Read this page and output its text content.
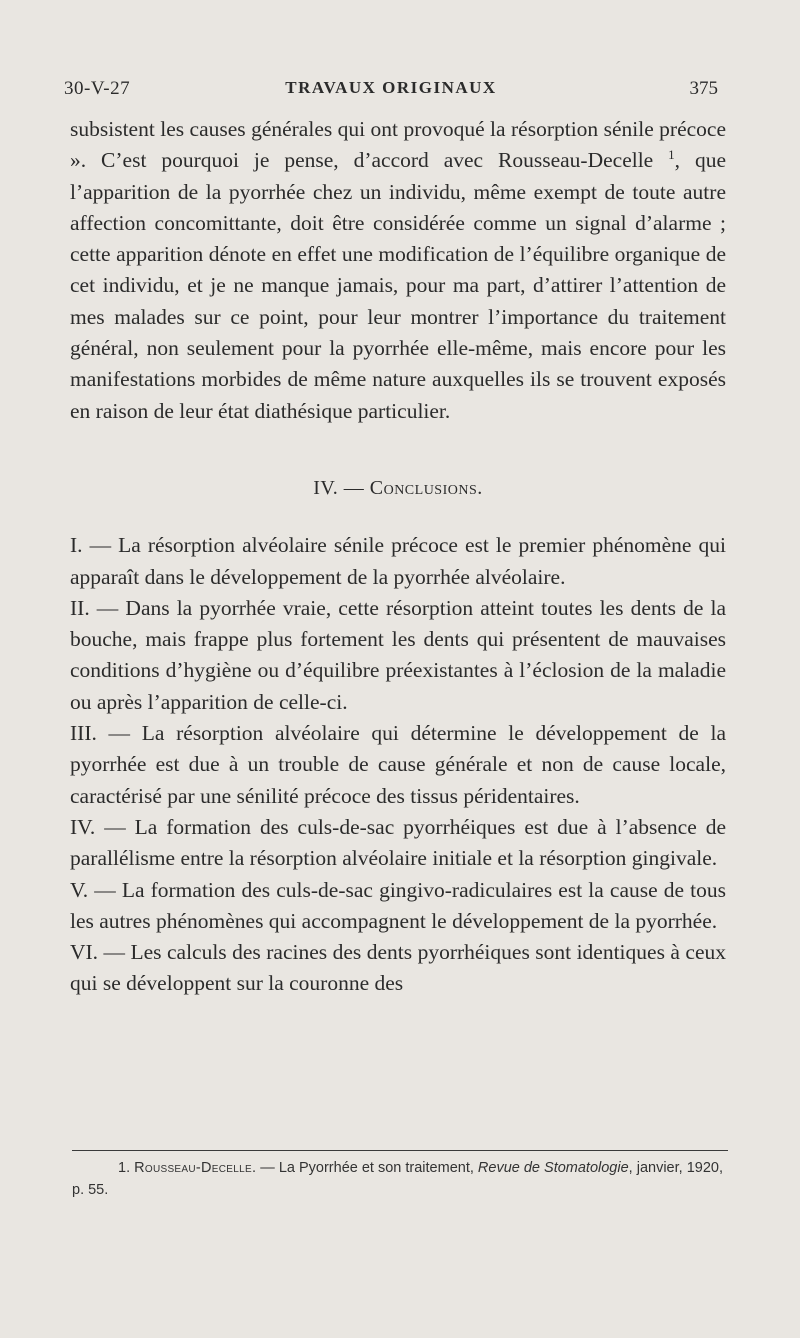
30-V-27	TRAVAUX ORIGINAUX	375

subsistent les causes générales qui ont provoqué la résorption sénile précoce ». C’est pourquoi je pense, d’accord avec Rousseau-Decelle $^1$, que l’apparition de la pyorrhée chez un individu, même exempt de toute autre affection concomittante, doit être considérée comme un signal d’alarme ; cette apparition dénote en effet une modification de l’équilibre organique de cet individu, et je ne manque jamais, pour ma part, d’attirer l’attention de mes malades sur ce point, pour leur montrer l’importance du traitement général, non seulement pour la pyorrhée elle-même, mais encore pour les manifestations morbides de même nature auxquelles ils se trouvent exposés en raison de leur état diathésique particulier.

IV. — Conclusions.

I. — La résorption alvéolaire sénile précoce est le premier phénomène qui apparaît dans le développement de la pyorrhée alvéolaire.

II. — Dans la pyorrhée vraie, cette résorption atteint toutes les dents de la bouche, mais frappe plus fortement les dents qui présentent de mauvaises conditions d’hygiène ou d’équilibre préexistantes à l’éclosion de la maladie ou après l’apparition de celle-ci.

III. — La résorption alvéolaire qui détermine le développement de la pyorrhée est due à un trouble de cause générale et non de cause locale, caractérisé par une sénilité précoce des tissus péridentaires.

IV. — La formation des culs-de-sac pyorrhéiques est due à l’absence de parallélisme entre la résorption alvéolaire initiale et la résorption gingivale.

V. — La formation des culs-de-sac gingivo-radiculaires est la cause de tous les autres phénomènes qui accompagnent le développement de la pyorrhée.

VI. — Les calculs des racines des dents pyorrhéiques sont identiques à ceux qui se développent sur la couronne des

1. Rousseau-Decelle. — La Pyorrhée et son traitement, Revue de Stomatologie, janvier, 1920, p. 55.
